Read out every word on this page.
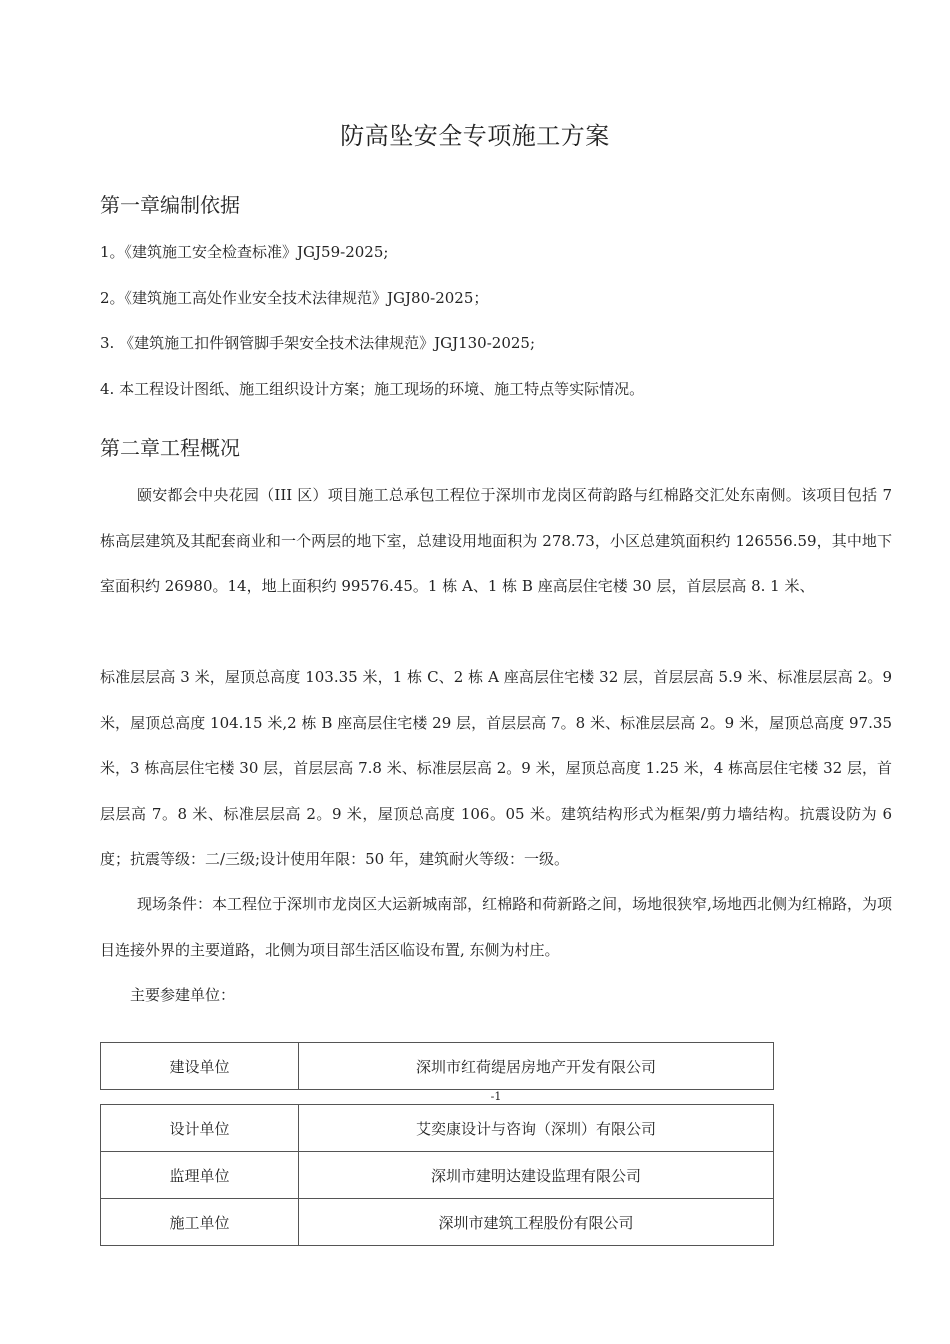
防高坠安全专项施工方案
第一章编制依据
1。《建筑施工安全检查标准》JGJ59-2025;
2。《建筑施工高处作业安全技术法律规范》JGJ80-2025；
3. 《建筑施工扣件钢管脚手架安全技术法律规范》JGJ130-2025;
4. 本工程设计图纸、施工组织设计方案；施工现场的环境、施工特点等实际情况。
第二章工程概况
颐安都会中央花园（III 区）项目施工总承包工程位于深圳市龙岗区荷韵路与红棉路交汇处东南侧。该项目包括 7 栋高层建筑及其配套商业和一个两层的地下室，总建设用地面积为 278.73，小区总建筑面积约 126556.59，其中地下室面积约 26980。14，地上面积约 99576.45。1 栋 A、1 栋 B 座高层住宅楼 30 层，首层层高 8. 1 米、
标准层层高 3 米，屋顶总高度 103.35 米，1 栋 C、2 栋 A 座高层住宅楼 32 层，首层层高 5.9 米、标准层层高 2。9 米，屋顶总高度 104.15 米,2 栋 B 座高层住宅楼 29 层，首层层高 7。8 米、标准层层高 2。9 米，屋顶总高度 97.35 米，3 栋高层住宅楼 30 层，首层层高 7.8 米、标准层层高 2。9 米，屋顶总高度 1.25 米，4 栋高层住宅楼 32 层，首层层高 7。8 米、标准层层高 2。9 米，屋顶总高度 106。05 米。建筑结构形式为框架/剪力墙结构。抗震设防为 6 度；抗震等级：二/三级;设计使用年限：50 年，建筑耐火等级：一级。
现场条件：本工程位于深圳市龙岗区大运新城南部，红棉路和荷新路之间，场地很狭窄,场地西北侧为红棉路，为项目连接外界的主要道路，北侧为项目部生活区临设布置, 东侧为村庄。
主要参建单位：
建设单位	深圳市红荷缇居房地产开发有限公司
-1
设计单位	艾奕康设计与咨询（深圳）有限公司
监理单位	深圳市建明达建设监理有限公司
施工单位	深圳市建筑工程股份有限公司
